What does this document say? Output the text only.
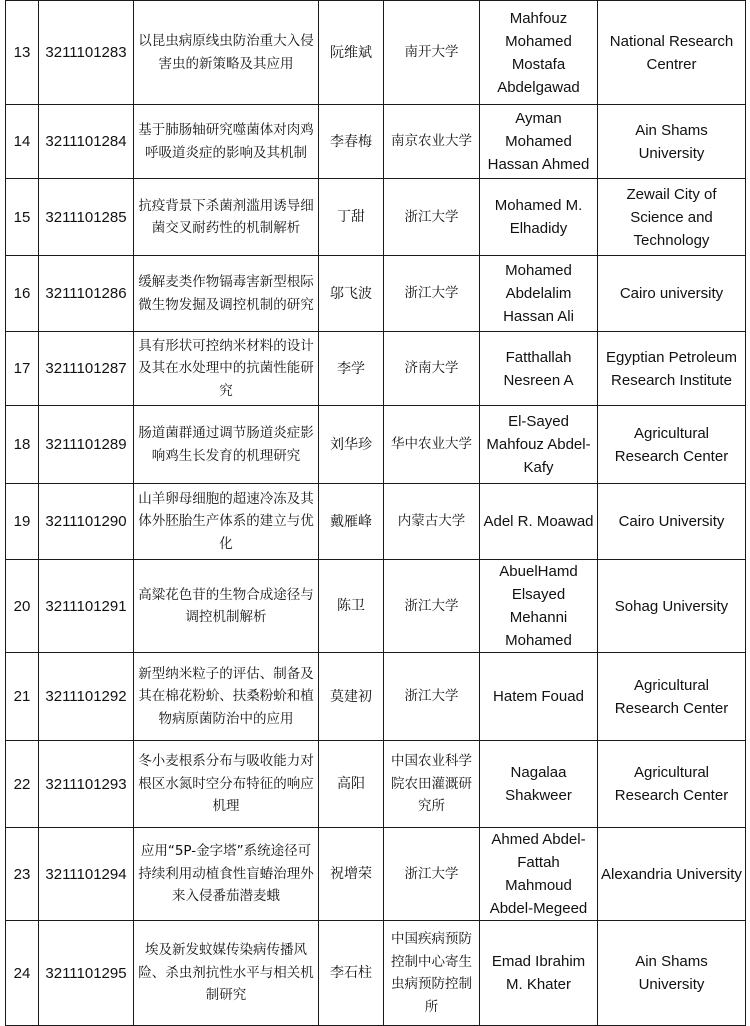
13	3211101283	以昆虫病原线虫防治重大入侵害虫的新策略及其应用	阮维斌	南开大学	Mahfouz Mohamed Mostafa Abdelgawad	National Research Centrer
14	3211101284	基于肺肠轴研究噬菌体对肉鸡呼吸道炎症的影响及其机制	李春梅	南京农业大学	Ayman Mohamed Hassan Ahmed	Ain Shams University
15	3211101285	抗疫背景下杀菌剂滥用诱导细菌交叉耐药性的机制解析	丁甜	浙江大学	Mohamed M. Elhadidy	Zewail City of Science and Technology
16	3211101286	缓解麦类作物镉毒害新型根际微生物发掘及调控机制的研究	邬飞波	浙江大学	Mohamed Abdelalim Hassan Ali	Cairo university
17	3211101287	具有形状可控纳米材料的设计及其在水处理中的抗菌性能研究	李学	济南大学	Fatthallah Nesreen A	Egyptian Petroleum Research Institute
18	3211101289	肠道菌群通过调节肠道炎症影响鸡生长发育的机理研究	刘华珍	华中农业大学	El-Sayed Mahfouz Abdel-Kafy	Agricultural Research Center
19	3211101290	山羊卵母细胞的超速冷冻及其体外胚胎生产体系的建立与优化	戴雁峰	内蒙古大学	Adel R. Moawad	Cairo University
20	3211101291	高粱花色苷的生物合成途径与调控机制解析	陈卫	浙江大学	AbuelHamd Elsayed Mehanni Mohamed	Sohag University
21	3211101292	新型纳米粒子的评估、制备及其在棉花粉蚧、扶桑粉蚧和植物病原菌防治中的应用	莫建初	浙江大学	Hatem Fouad	Agricultural Research Center
22	3211101293	冬小麦根系分布与吸收能力对根区水氮时空分布特征的响应机理	高阳	中国农业科学院农田灌溉研究所	Nagalaa Shakweer	Agricultural Research Center
23	3211101294	应用“5P-金字塔”系统途径可持续利用动植食性盲蝽治理外来入侵番茄潜麦蛾	祝增荣	浙江大学	Ahmed Abdel-Fattah Mahmoud Abdel-Megeed	Alexandria University
24	3211101295	埃及新发蚊媒传染病传播风险、杀虫剂抗性水平与相关机制研究	李石柱	中国疾病预防控制中心寄生虫病预防控制所	Emad Ibrahim M. Khater	Ain Shams University
